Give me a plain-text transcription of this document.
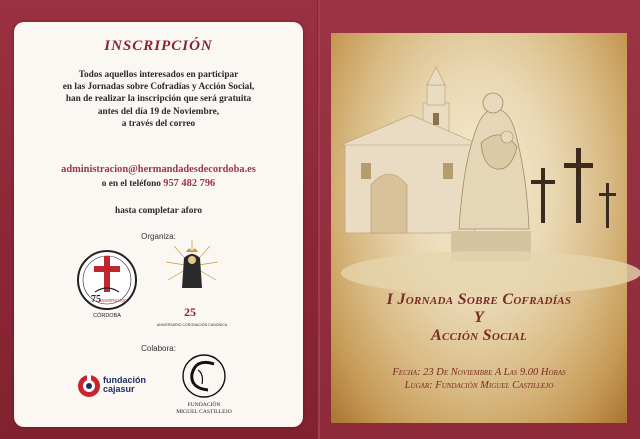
INSCRIPCIÓN
Todos aquellos interesados en participar
en las Jornadas sobre Cofradías y Acción Social,
han de realizar la inscripción que será gratuita
antes del día 19 de Noviembre,
a través del correo
administracion@hermandadesdecordoba.es
o en el teléfono 957 482 796
hasta completar aforo
Organiza:
CÓRDOBA
75
ANIVERSARIO
25
ANIVERSARIO CORONACIÓN CANÓNICA
Colabora:
fundación
cajasur
FUNDACIÓN
MIGUEL CASTILLEJO
I Jornada Sobre Cofradías
Y
Acción Social
Fecha: 23 De Noviembre A Las 9.00 Horas
Lugar: Fundación Miguel Castillejo
